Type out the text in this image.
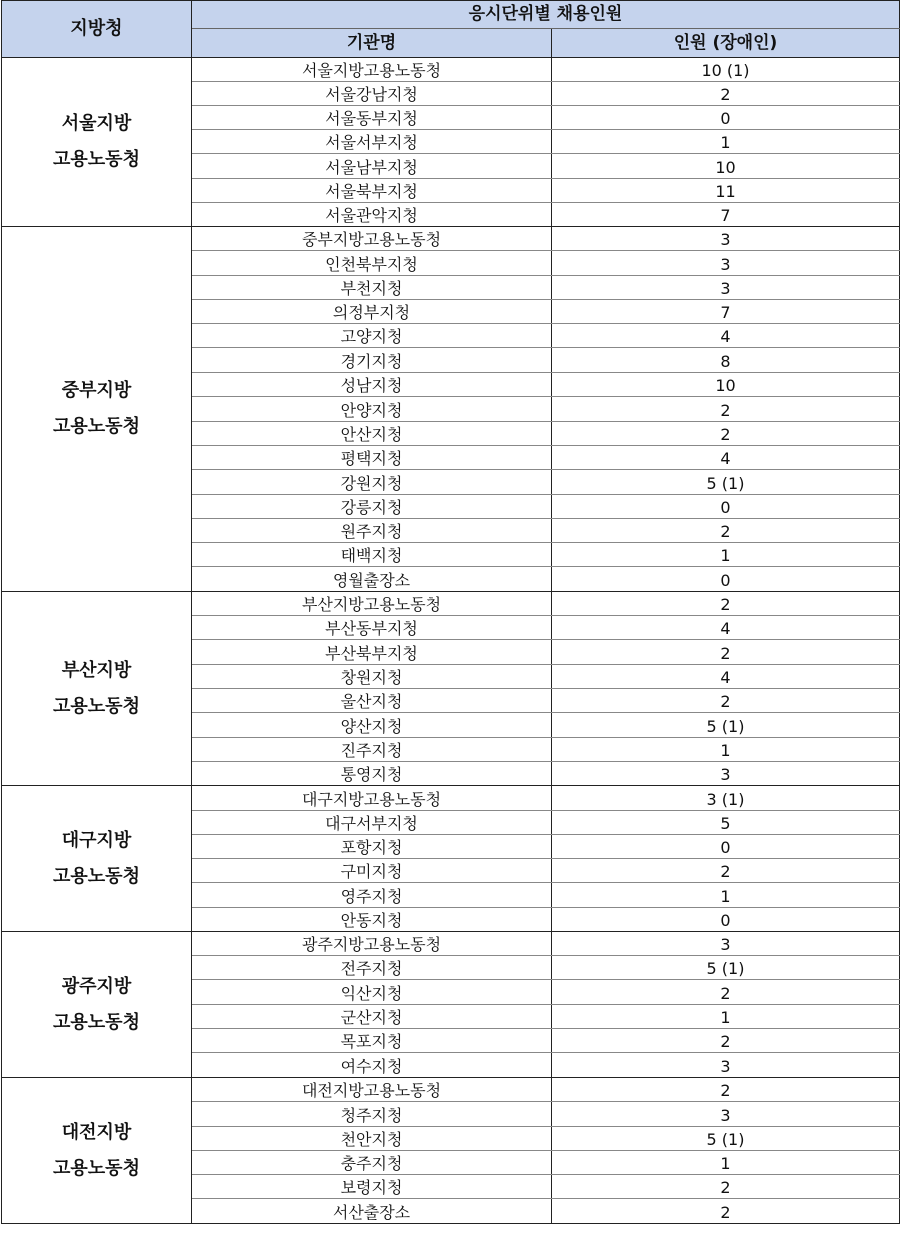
지방청	응시단위별 채용인원	
	기관명	인원 (장애인)

서울지방
고용노동청	서울지방고용노동청	10 (1)
	서울강남지청	2
	서울동부지청	0
	서울서부지청	1
	서울남부지청	10
	서울북부지청	11
	서울관악지청	7

중부지방
고용노동청	중부지방고용노동청	3
	인천북부지청	3
	부천지청	3
	의정부지청	7
	고양지청	4
	경기지청	8
	성남지청	10
	안양지청	2
	안산지청	2
	평택지청	4
	강원지청	5 (1)
	강릉지청	0
	원주지청	2
	태백지청	1
	영월출장소	0

부산지방
고용노동청	부산지방고용노동청	2
	부산동부지청	4
	부산북부지청	2
	창원지청	4
	울산지청	2
	양산지청	5 (1)
	진주지청	1
	통영지청	3

대구지방
고용노동청	대구지방고용노동청	3 (1)
	대구서부지청	5
	포항지청	0
	구미지청	2
	영주지청	1
	안동지청	0

광주지방
고용노동청	광주지방고용노동청	3
	전주지청	5 (1)
	익산지청	2
	군산지청	1
	목포지청	2
	여수지청	3

대전지방
고용노동청	대전지방고용노동청	2
	청주지청	3
	천안지청	5 (1)
	충주지청	1
	보령지청	2
	서산출장소	2
